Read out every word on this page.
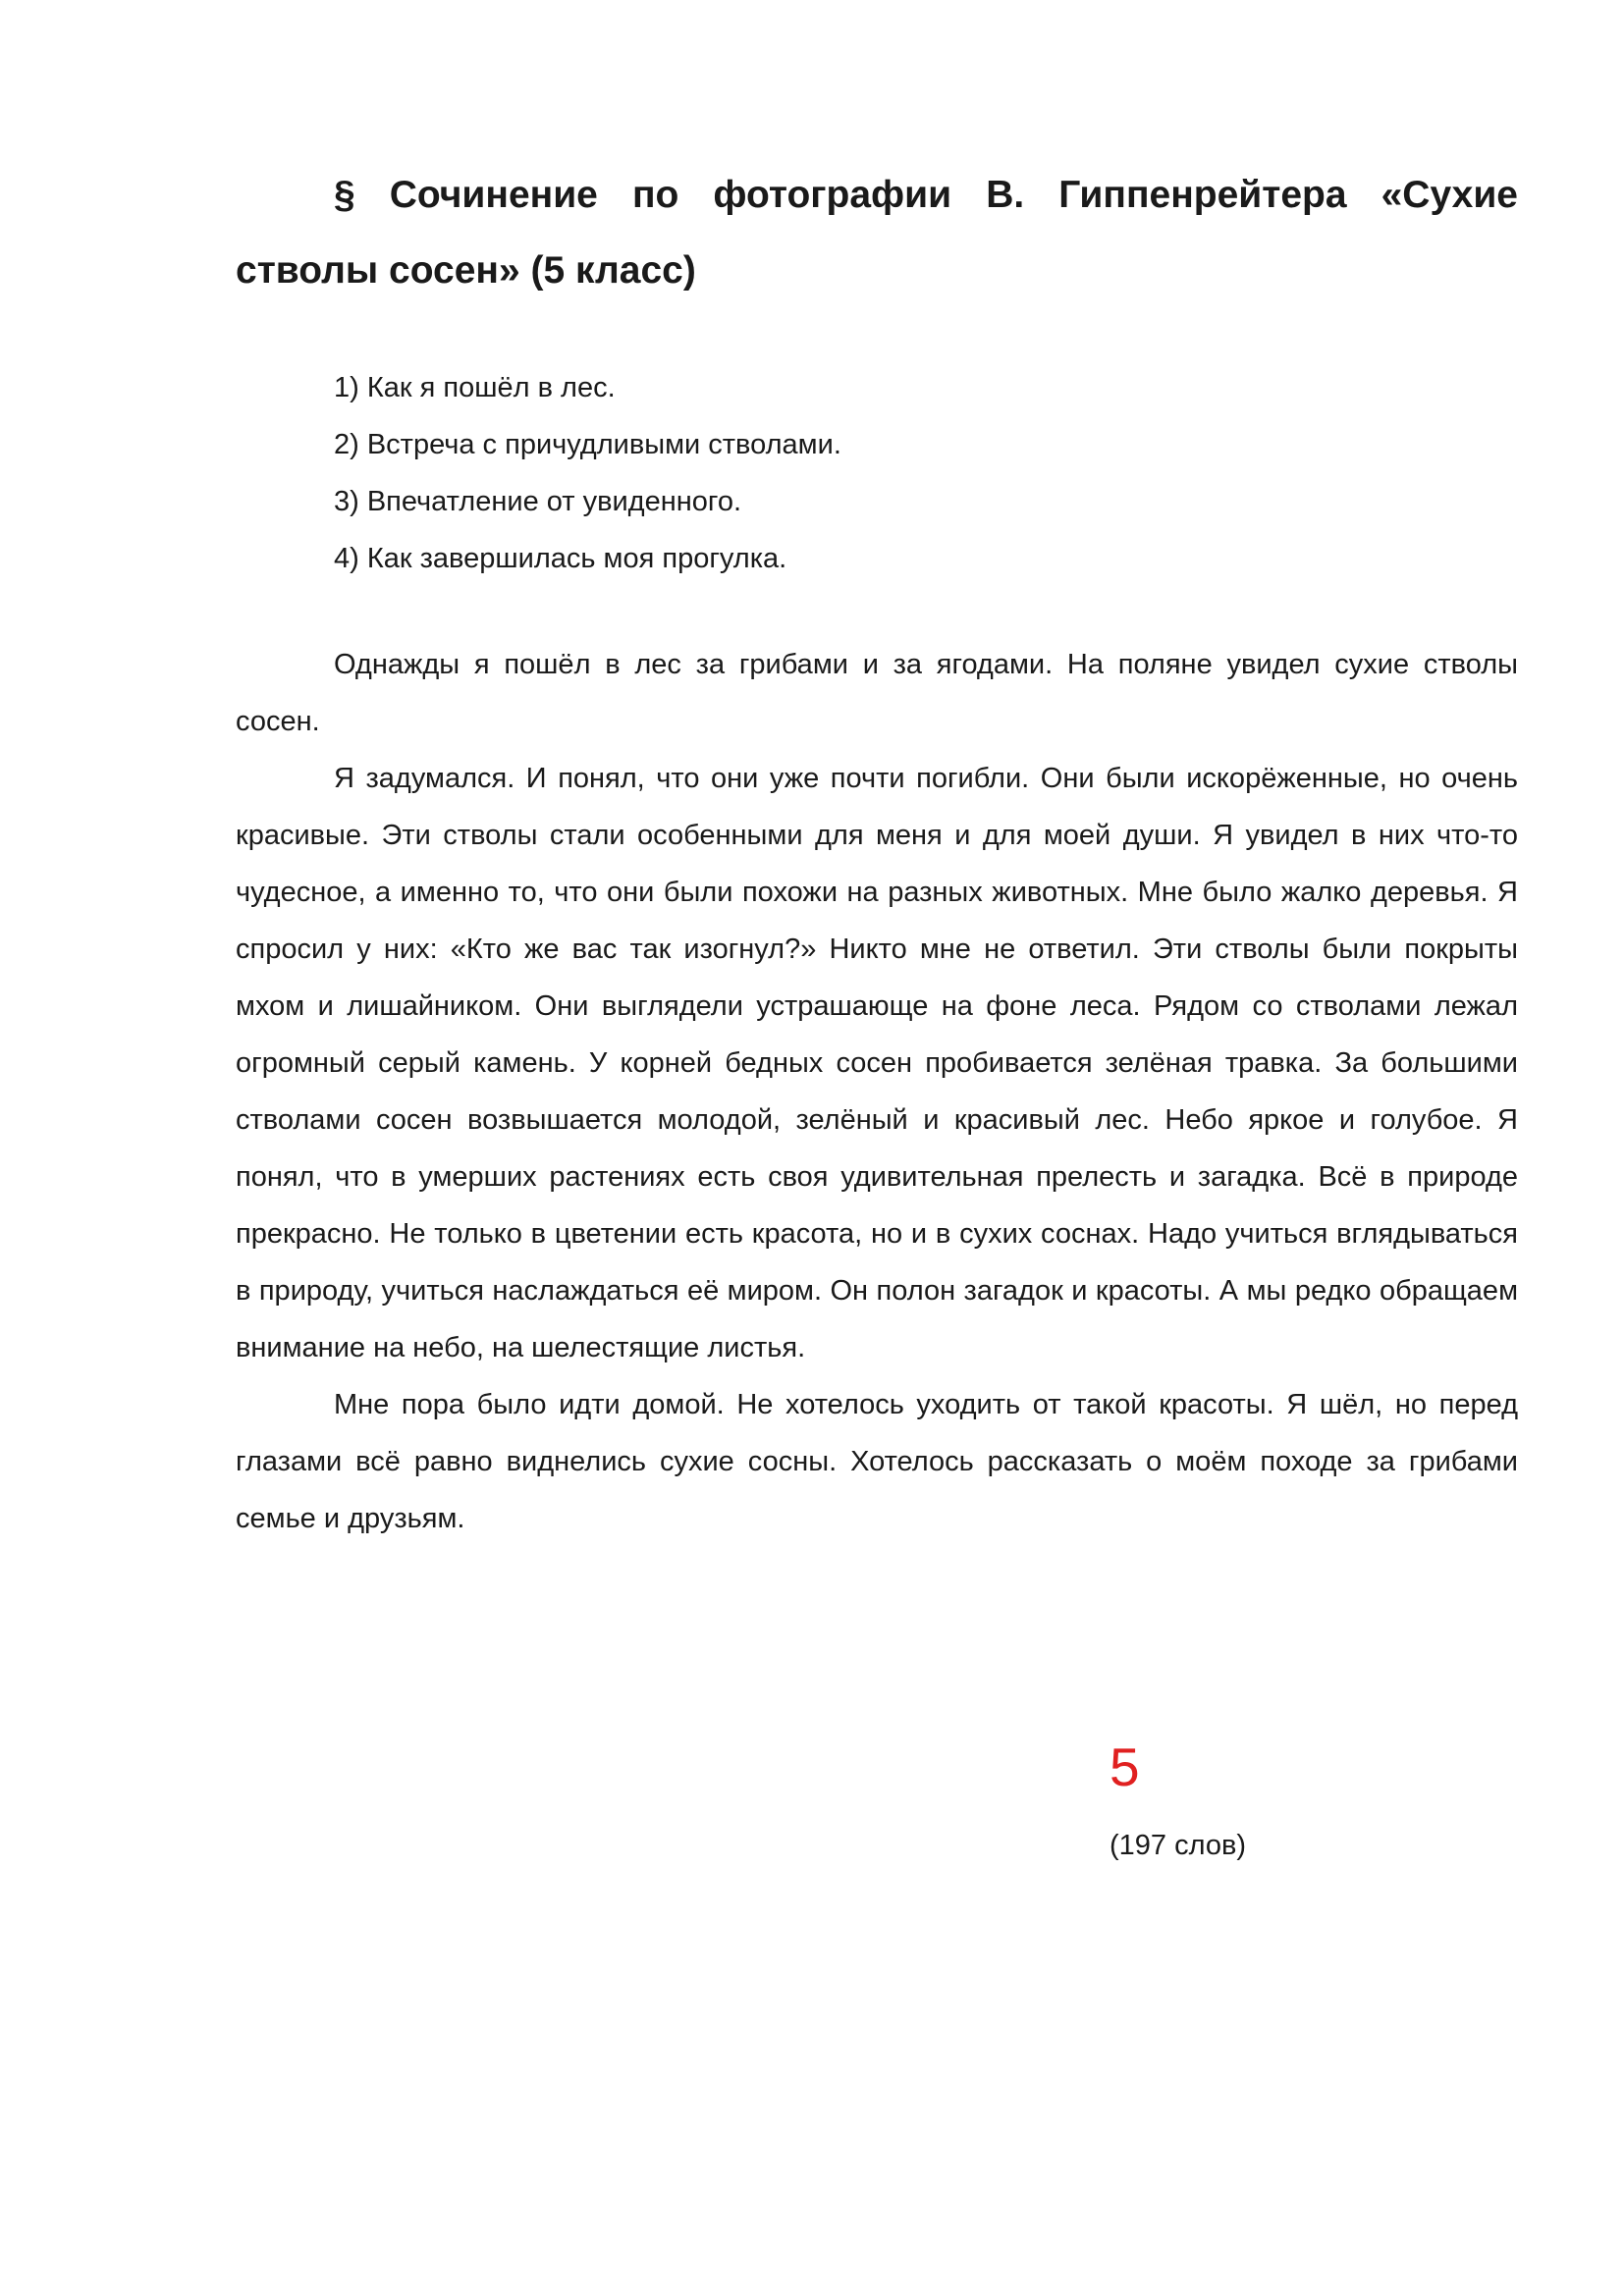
§ Сочинение по фотографии В. Гиппенрейтера «Сухие стволы сосен» (5 класс)
1) Как я пошёл в лес.
2) Встреча с причудливыми стволами.
3) Впечатление от увиденного.
4) Как завершилась моя прогулка.

Однажды я пошёл в лес за грибами и за ягодами. На поляне увидел сухие стволы сосен.

Я задумался. И понял, что они уже почти погибли. Они были искорёженные, но очень красивые. Эти стволы стали особенными для меня и для моей души. Я увидел в них что-то чудесное, а именно то, что они были похожи на разных животных. Мне было жалко деревья. Я спросил у них: «Кто же вас так изогнул?» Никто мне не ответил. Эти стволы были покрыты мхом и лишайником. Они выглядели устрашающе на фоне леса. Рядом со стволами лежал огромный серый камень. У корней бедных сосен пробивается зелёная травка. За большими стволами сосен возвышается молодой, зелёный и красивый лес. Небо яркое и голубое. Я понял, что в умерших растениях есть своя удивительная прелесть и загадка. Всё в природе прекрасно. Не только в цветении есть красота, но и в сухих соснах. Надо учиться вглядываться в природу, учиться наслаждаться её миром. Он полон загадок и красоты. А мы редко обращаем внимание на небо, на шелестящие листья.

Мне пора было идти домой. Не хотелось уходить от такой красоты. Я шёл, но перед глазами всё равно виднелись сухие сосны. Хотелось рассказать о моём походе за грибами семье и друзьям.

5
(197 слов)
